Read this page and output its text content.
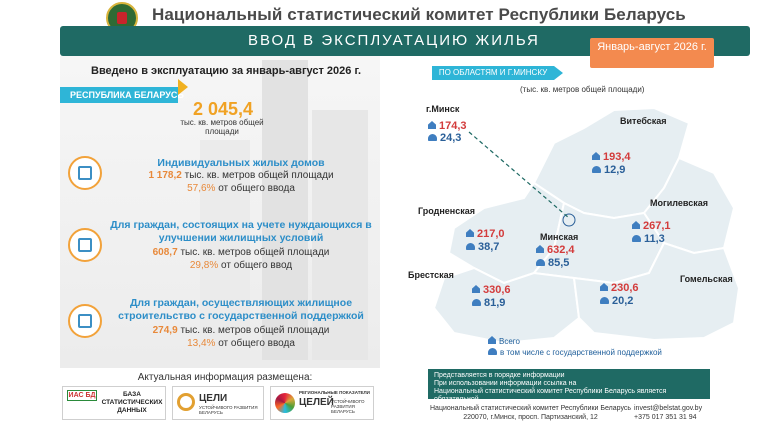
Национальный статистический комитет Республики Беларусь
ВВОД В ЭКСПЛУАТАЦИЮ ЖИЛЬЯ	Январь-август 2026 г.
Введено в эксплуатацию за январь-август 2026 г.
РЕСПУБЛИКА БЕЛАРУСЬ
2 045,4
тыс. кв. метров общей площади
Индивидуальных жилых домов
1 178,2 тыс. кв. метров общей площади
57,6% от общего ввода
Для граждан, состоящих на учете нуждающихся в улучшении жилищных условий
608,7 тыс. кв. метров общей площади
29,8% от общего ввод
Для граждан, осуществляющих жилищное строительство с государственной поддержкой
274,9 тыс. кв. метров общей площади
13,4% от общего ввода
Актуальная информация размещена:
ИАС БД	БАЗА СТАТИСТИЧЕСКИХ ДАННЫХ
ЦЕЛИ
УСТОЙЧИВОГО РАЗВИТИЯ БЕЛАРУСЬ
РЕГИОНАЛЬНЫЕ ПОКАЗАТЕЛИ
ЦЕЛЕЙ
УСТОЙЧИВОГО РАЗВИТИЯ БЕЛАРУСЬ
ПО ОБЛАСТЯМ И Г.МИНСКУ
(тыс. кв. метров общей площади)
г.Минск
174,3
24,3
Витебская
193,4
12,9
Могилевская
267,1
11,3
Гродненская
217,0
38,7
Минская
632,4
85,5
Брестская
330,6
81,9
Гомельская
230,6
20,2
Всего
в том числе с государственной поддержкой
Представляется в порядке информации
При использовании информации ссылка на
Национальный статистический комитет Республики Беларусь является обязательной
Национальный статистический комитет Республики Беларусь
220070, г.Минск, просп. Партизанский, 12
invest@belstat.gov.by
+375 017 351 31 94
